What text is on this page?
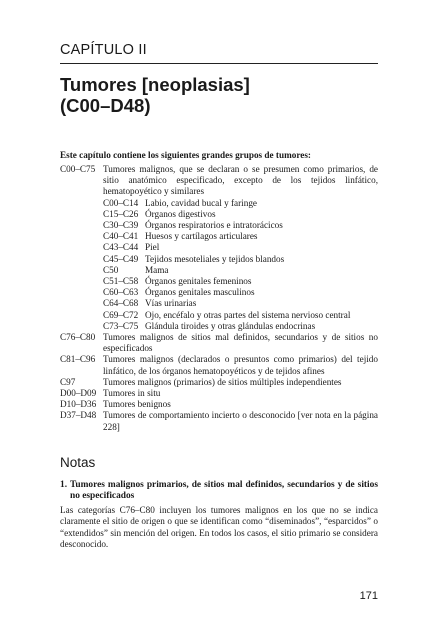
CAPÍTULO II
Tumores [neoplasias]
(C00–D48)
Este capítulo contiene los siguientes grandes grupos de tumores:
C00–C75 Tumores malignos, que se declaran o se presumen como primarios, de sitio anatómico especificado, excepto de los tejidos linfático, hematopoyético y similares
C00–C14 Labio, cavidad bucal y faringe
C15–C26 Órganos digestivos
C30–C39 Órganos respiratorios e intratorácicos
C40–C41 Huesos y cartílagos articulares
C43–C44 Piel
C45–C49 Tejidos mesoteliales y tejidos blandos
C50	Mama
C51–C58 Órganos genitales femeninos
C60–C63 Órganos genitales masculinos
C64–C68 Vías urinarias
C69–C72 Ojo, encéfalo y otras partes del sistema nervioso central
C73–C75 Glándula tiroides y otras glándulas endocrinas
C76–C80 Tumores malignos de sitios mal definidos, secundarios y de sitios no especificados
C81–C96 Tumores malignos (declarados o presuntos como primarios) del tejido linfático, de los órganos hematopoyéticos y de tejidos afines
C97	Tumores malignos (primarios) de sitios múltiples independientes
D00–D09 Tumores in situ
D10–D36 Tumores benignos
D37–D48 Tumores de comportamiento incierto o desconocido [ver nota en la página 228]
Notas
1. Tumores malignos primarios, de sitios mal definidos, secundarios y de sitios no especificados
Las categorías C76–C80 incluyen los tumores malignos en los que no se indica claramente el sitio de origen o que se identifican como “diseminados”, “esparcidos” o “extendidos” sin mención del origen. En todos los casos, el sitio primario se considera desconocido.
171
